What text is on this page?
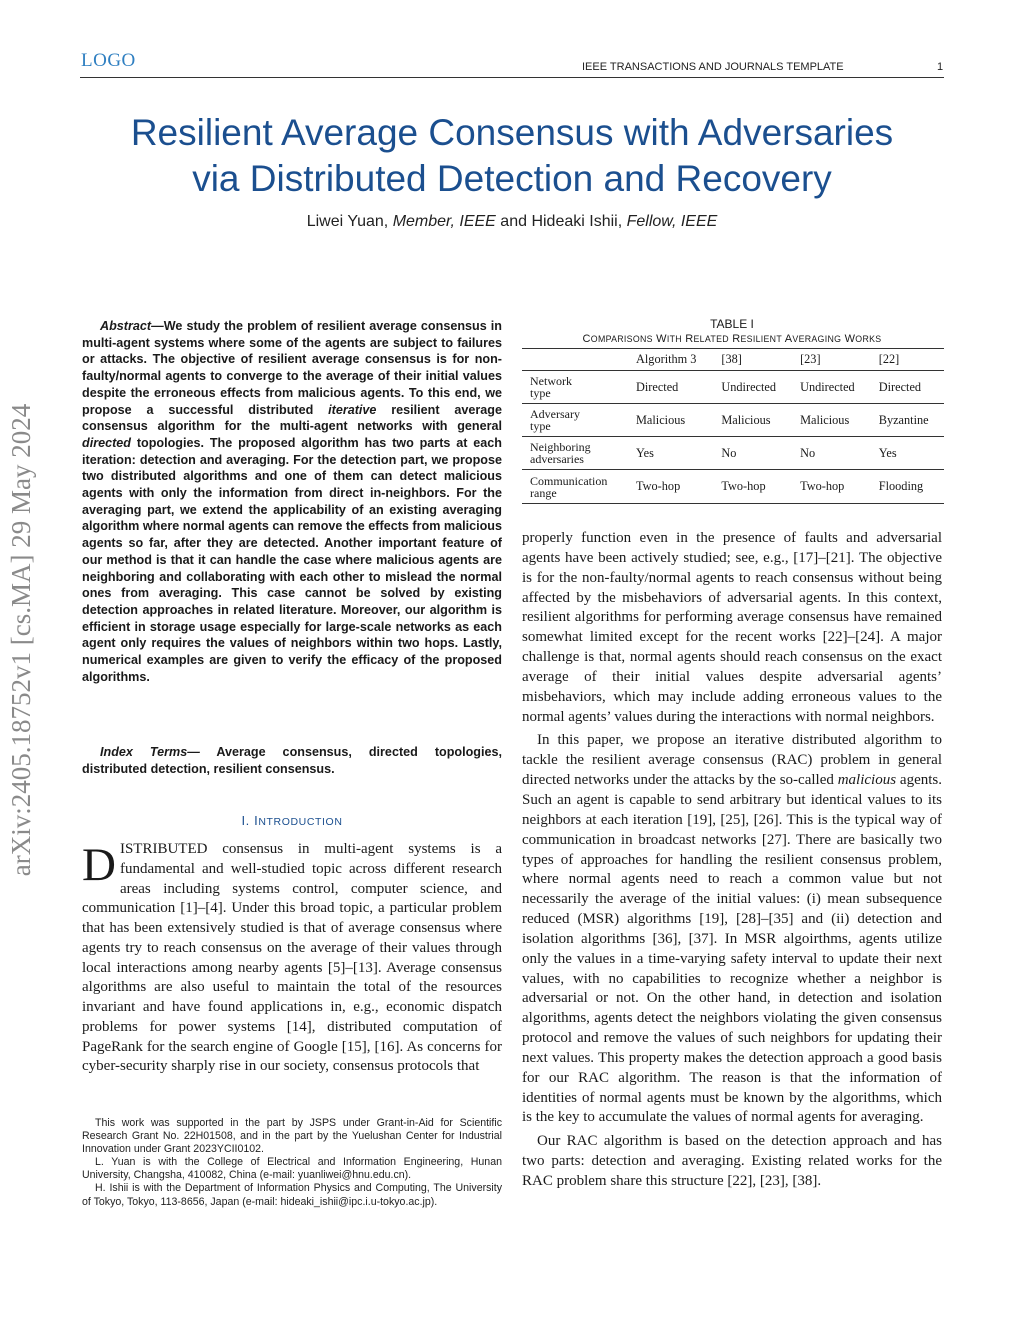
LOGO	IEEE TRANSACTIONS AND JOURNALS TEMPLATE	1
Resilient Average Consensus with Adversaries
via Distributed Detection and Recovery
Liwei Yuan, Member, IEEE and Hideaki Ishii, Fellow, IEEE
arXiv:2405.18752v1 [cs.MA] 29 May 2024

Abstract—We study the problem of resilient average consensus in multi-agent systems where some of the agents are subject to failures or attacks. The objective of resilient average consensus is for non-faulty/normal agents to converge to the average of their initial values despite the erroneous effects from malicious agents. To this end, we propose a successful distributed iterative resilient average consensus algorithm for the multi-agent networks with general directed topologies. The proposed algorithm has two parts at each iteration: detection and averaging. For the detection part, we propose two distributed algorithms and one of them can detect malicious agents with only the information from direct in-neighbors. For the averaging part, we extend the applicability of an existing averaging algorithm where normal agents can remove the effects from malicious agents so far, after they are detected. Another important feature of our method is that it can handle the case where malicious agents are neighboring and collaborating with each other to mislead the normal ones from averaging. This case cannot be solved by existing detection approaches in related literature. Moreover, our algorithm is efficient in storage usage especially for large-scale networks as each agent only requires the values of neighbors within two hops. Lastly, numerical examples are given to verify the efficacy of the proposed algorithms.

Index Terms— Average consensus, directed topologies, distributed detection, resilient consensus.

I. INTRODUCTION

DISTRIBUTED consensus in multi-agent systems is a fundamental and well-studied topic across different research areas including systems control, computer science, and communication [1]–[4]. Under this broad topic, a particular problem that has been extensively studied is that of average consensus where agents try to reach consensus on the average of their values through local interactions among nearby agents [5]–[13]. Average consensus algorithms are also useful to maintain the total of the resources invariant and have found applications in, e.g., economic dispatch problems for power systems [14], distributed computation of PageRank for the search engine of Google [15], [16]. As concerns for cyber-security sharply rise in our society, consensus protocols that

This work was supported in the part by JSPS under Grant-in-Aid for Scientific Research Grant No. 22H01508, and in the part by the Yuelushan Center for Industrial Innovation under Grant 2023YCII0102.

L. Yuan is with the College of Electrical and Information Engineering, Hunan University, Changsha, 410082, China (e-mail: yuanliwei@hnu.edu.cn).

H. Ishii is with the Department of Information Physics and Computing, The University of Tokyo, Tokyo, 113-8656, Japan (e-mail: hideaki_ishii@ipc.i.u-tokyo.ac.jp).

TABLE I
COMPARISONS WITH RELATED RESILIENT AVERAGING WORKS
	Algorithm 3	[38]	[23]	[22]

Network
type	Directed	Undirected	Undirected	Directed

Adversary
type	Malicious	Malicious	Malicious	Byzantine

Neighboring
adversaries	Yes	No	No	Yes

Communication
range	Two-hop	Two-hop	Two-hop	Flooding

properly function even in the presence of faults and adversarial agents have been actively studied; see, e.g., [17]–[21]. The objective is for the non-faulty/normal agents to reach consensus without being affected by the misbehaviors of adversarial agents. In this context, resilient algorithms for performing average consensus have remained somewhat limited except for the recent works [22]–[24]. A major challenge is that, normal agents should reach consensus on the exact average of their initial values despite adversarial agents’ misbehaviors, which may include adding erroneous values to the normal agents’ values during the interactions with normal neighbors.

In this paper, we propose an iterative distributed algorithm to tackle the resilient average consensus (RAC) problem in general directed networks under the attacks by the so-called malicious agents. Such an agent is capable to send arbitrary but identical values to its neighbors at each iteration [19], [25], [26]. This is the typical way of communication in broadcast networks [27]. There are basically two types of approaches for handling the resilient consensus problem, where normal agents need to reach a common value but not necessarily the average of the initial values: (i) mean subsequence reduced (MSR) algorithms [19], [28]–[35] and (ii) detection and isolation algorithms [36], [37]. In MSR algoirthms, agents utilize only the values in a time-varying safety interval to update their next values, with no capabilities to recognize whether a neighbor is adversarial or not. On the other hand, in detection and isolation algorithms, agents detect the neighbors violating the given consensus protocol and remove the values of such neighbors for updating their next values. This property makes the detection approach a good basis for our RAC algorithm. The reason is that the information of identities of normal agents must be known by the algorithms, which is the key to accumulate the values of normal agents for averaging.

Our RAC algorithm is based on the detection approach and has two parts: detection and averaging. Existing related works for the RAC problem share this structure [22], [23], [38].
